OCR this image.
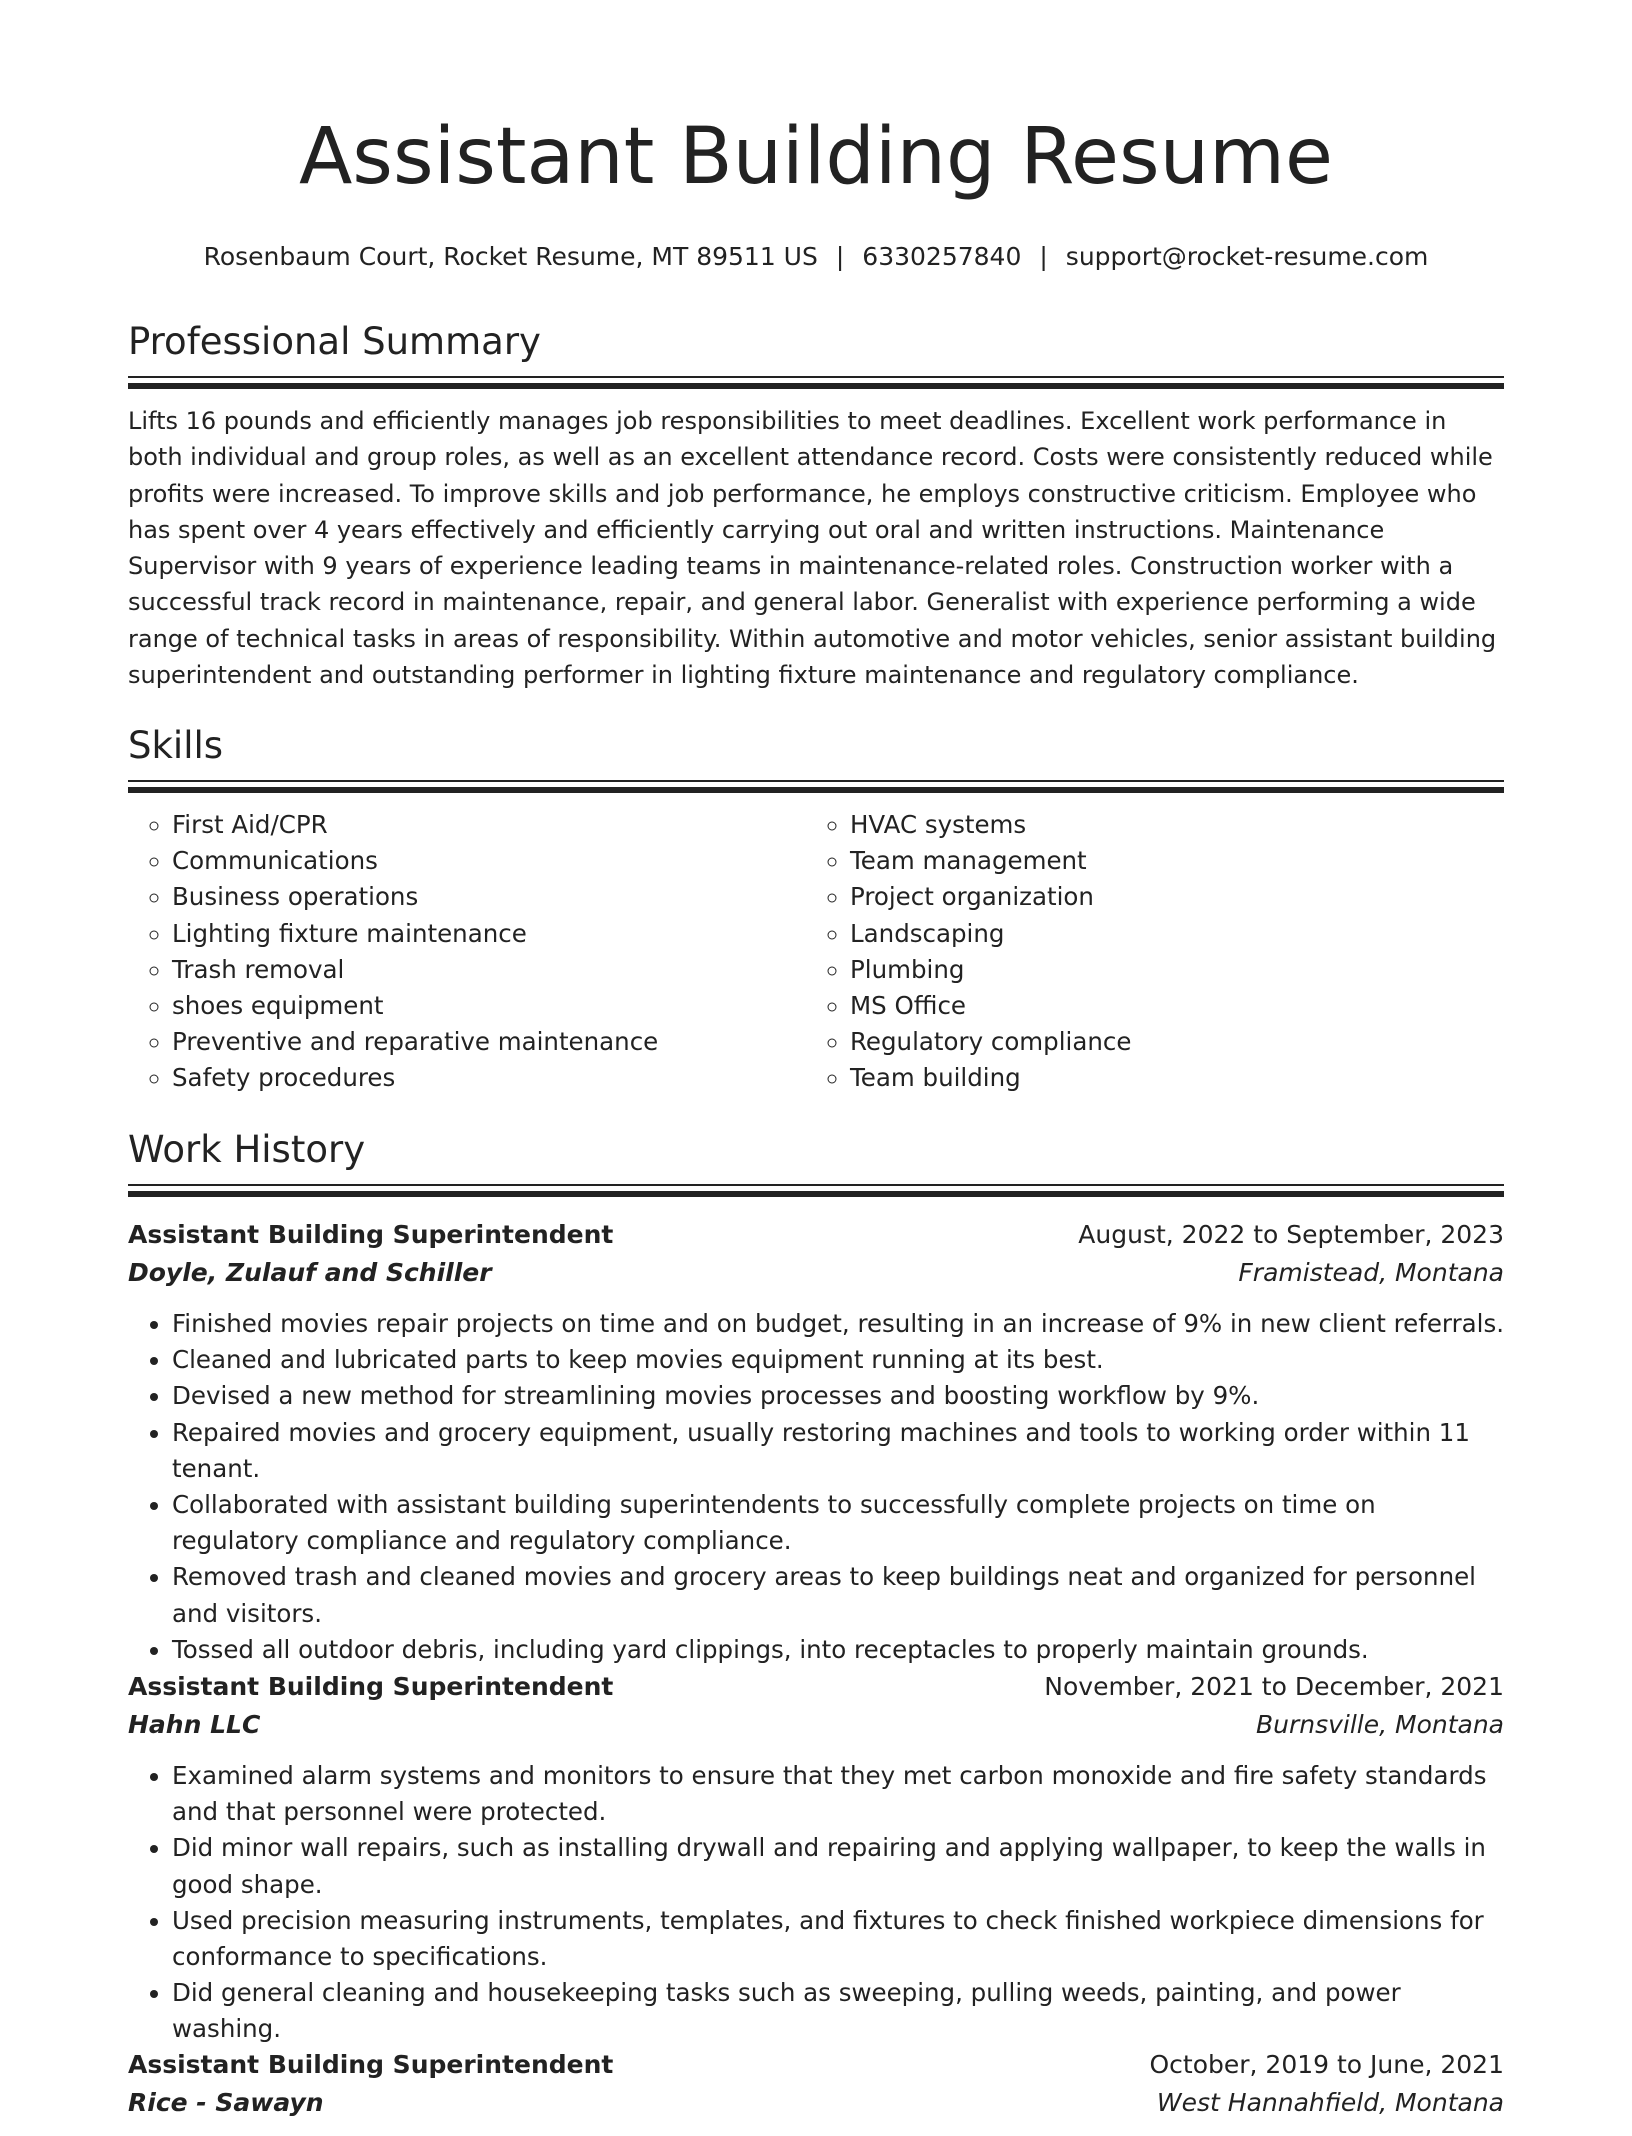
Assistant Building Resume
Rosenbaum Court, Rocket Resume, MT 89511 US | 6330257840 | support@rocket-resume.com
Professional Summary

Lifts 16 pounds and efficiently manages job responsibilities to meet deadlines. Excellent work performance in both individual and group roles, as well as an excellent attendance record. Costs were consistently reduced while profits were increased. To improve skills and job performance, he employs constructive criticism. Employee who has spent over 4 years effectively and efficiently carrying out oral and written instructions. Maintenance Supervisor with 9 years of experience leading teams in maintenance-related roles. Construction worker with a successful track record in maintenance, repair, and general labor. Generalist with experience performing a wide range of technical tasks in areas of responsibility. Within automotive and motor vehicles, senior assistant building superintendent and outstanding performer in lighting fixture maintenance and regulatory compliance.

Skills
◦ First Aid/CPR
◦ Communications
◦ Business operations
◦ Lighting fixture maintenance
◦ Trash removal
◦ shoes equipment
◦ Preventive and reparative maintenance
◦ Safety procedures
◦ HVAC systems
◦ Team management
◦ Project organization
◦ Landscaping
◦ Plumbing
◦ MS Office
◦ Regulatory compliance
◦ Team building
Work History
Assistant Building Superintendent	August, 2022 to September, 2023
Doyle, Zulauf and Schiller	Framistead, Montana
• Finished movies repair projects on time and on budget, resulting in an increase of 9% in new client referrals.
• Cleaned and lubricated parts to keep movies equipment running at its best.
• Devised a new method for streamlining movies processes and boosting workflow by 9%.
• Repaired movies and grocery equipment, usually restoring machines and tools to working order within 11 tenant.
• Collaborated with assistant building superintendents to successfully complete projects on time on regulatory compliance and regulatory compliance.
• Removed trash and cleaned movies and grocery areas to keep buildings neat and organized for personnel and visitors.
• Tossed all outdoor debris, including yard clippings, into receptacles to properly maintain grounds.
Assistant Building Superintendent	November, 2021 to December, 2021
Hahn LLC	Burnsville, Montana
• Examined alarm systems and monitors to ensure that they met carbon monoxide and fire safety standards and that personnel were protected.
• Did minor wall repairs, such as installing drywall and repairing and applying wallpaper, to keep the walls in good shape.
• Used precision measuring instruments, templates, and fixtures to check finished workpiece dimensions for conformance to specifications.
• Did general cleaning and housekeeping tasks such as sweeping, pulling weeds, painting, and power washing.
Assistant Building Superintendent	October, 2019 to June, 2021
Rice - Sawayn	West Hannahfield, Montana
